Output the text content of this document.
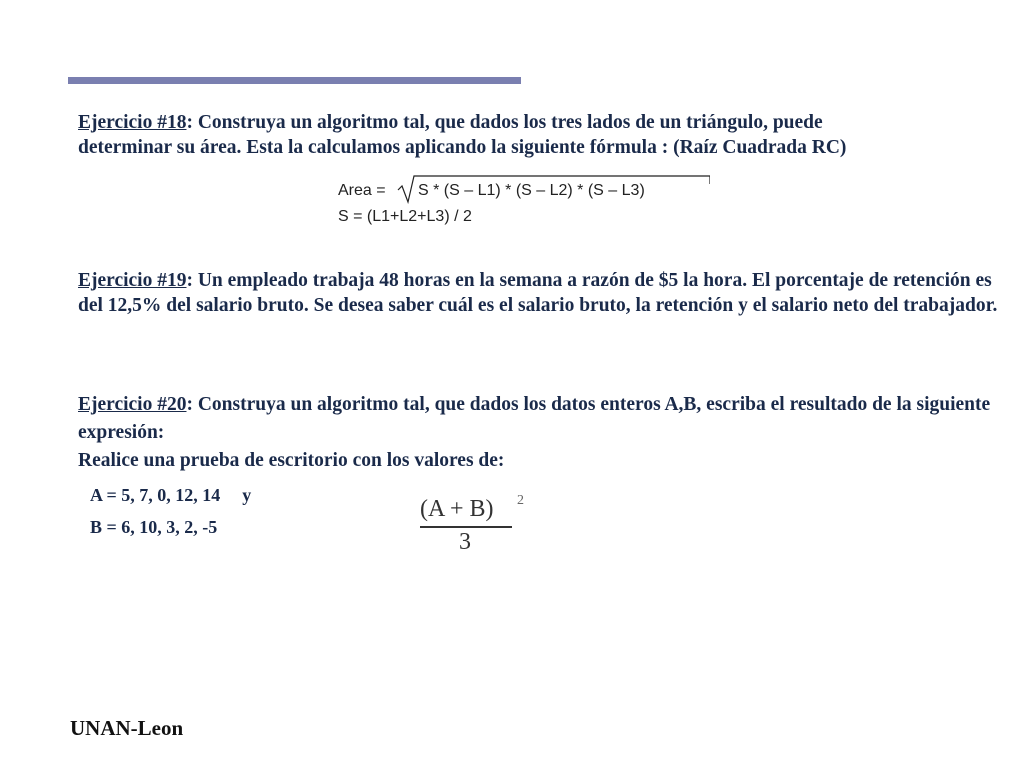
Ejercicio #18: Construya un algoritmo tal, que dados los tres lados de un triángulo, puede
determinar su área. Esta la calculamos aplicando la siguiente fórmula : (Raíz Cuadrada RC)
Area = S * (S – L1) * (S – L2) * (S – L3)
S = (L1+L2+L3) / 2
Ejercicio #19: Un empleado trabaja 48 horas en la semana a razón de $5 la hora. El porcentaje de retención es del 12,5% del salario bruto. Se desea saber cuál es el salario bruto, la retención y el salario neto del trabajador.
Ejercicio #20: Construya un algoritmo tal, que dados los datos enteros A,B, escriba el resultado de la siguiente expresión:
Realice una prueba de escritorio con los valores de:
A = 5, 7, 0, 12, 14 y
B = 6, 10, 3, 2, -5
(A + B) 2
3
UNAN-Leon
